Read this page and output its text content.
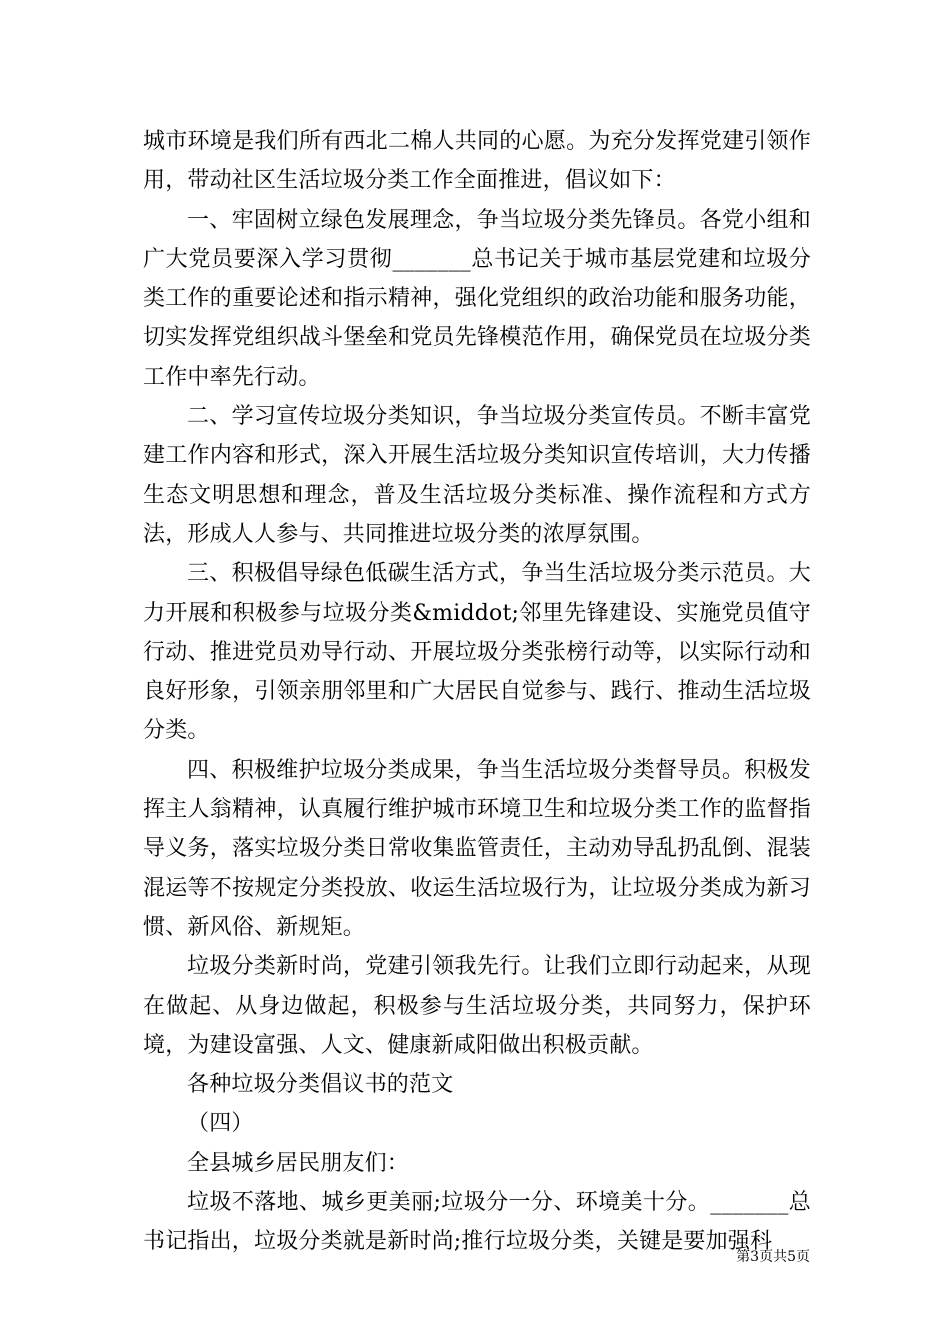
城市环境是我们所有西北二棉人共同的心愿。为充分发挥党建引领作用，带动社区生活垃圾分类工作全面推进，倡议如下：

一、牢固树立绿色发展理念，争当垃圾分类先锋员。各党小组和广大党员要深入学习贯彻_______总书记关于城市基层党建和垃圾分类工作的重要论述和指示精神，强化党组织的政治功能和服务功能，切实发挥党组织战斗堡垒和党员先锋模范作用，确保党员在垃圾分类工作中率先行动。

二、学习宣传垃圾分类知识，争当垃圾分类宣传员。不断丰富党建工作内容和形式，深入开展生活垃圾分类知识宣传培训，大力传播生态文明思想和理念，普及生活垃圾分类标准、操作流程和方式方法，形成人人参与、共同推进垃圾分类的浓厚氛围。

三、积极倡导绿色低碳生活方式，争当生活垃圾分类示范员。大力开展和积极参与垃圾分类&middot;邻里先锋建设、实施党员值守行动、推进党员劝导行动、开展垃圾分类张榜行动等，以实际行动和良好形象，引领亲朋邻里和广大居民自觉参与、践行、推动生活垃圾分类。

四、积极维护垃圾分类成果，争当生活垃圾分类督导员。积极发挥主人翁精神，认真履行维护城市环境卫生和垃圾分类工作的监督指导义务，落实垃圾分类日常收集监管责任，主动劝导乱扔乱倒、混装混运等不按规定分类投放、收运生活垃圾行为，让垃圾分类成为新习惯、新风俗、新规矩。

垃圾分类新时尚，党建引领我先行。让我们立即行动起来，从现在做起、从身边做起，积极参与生活垃圾分类，共同努力，保护环境，为建设富强、人文、健康新咸阳做出积极贡献。

各种垃圾分类倡议书的范文

（四）

全县城乡居民朋友们：

垃圾不落地、城乡更美丽;垃圾分一分、环境美十分。_______总书记指出，垃圾分类就是新时尚;推行垃圾分类，关键是要加强科

第3页共5页
